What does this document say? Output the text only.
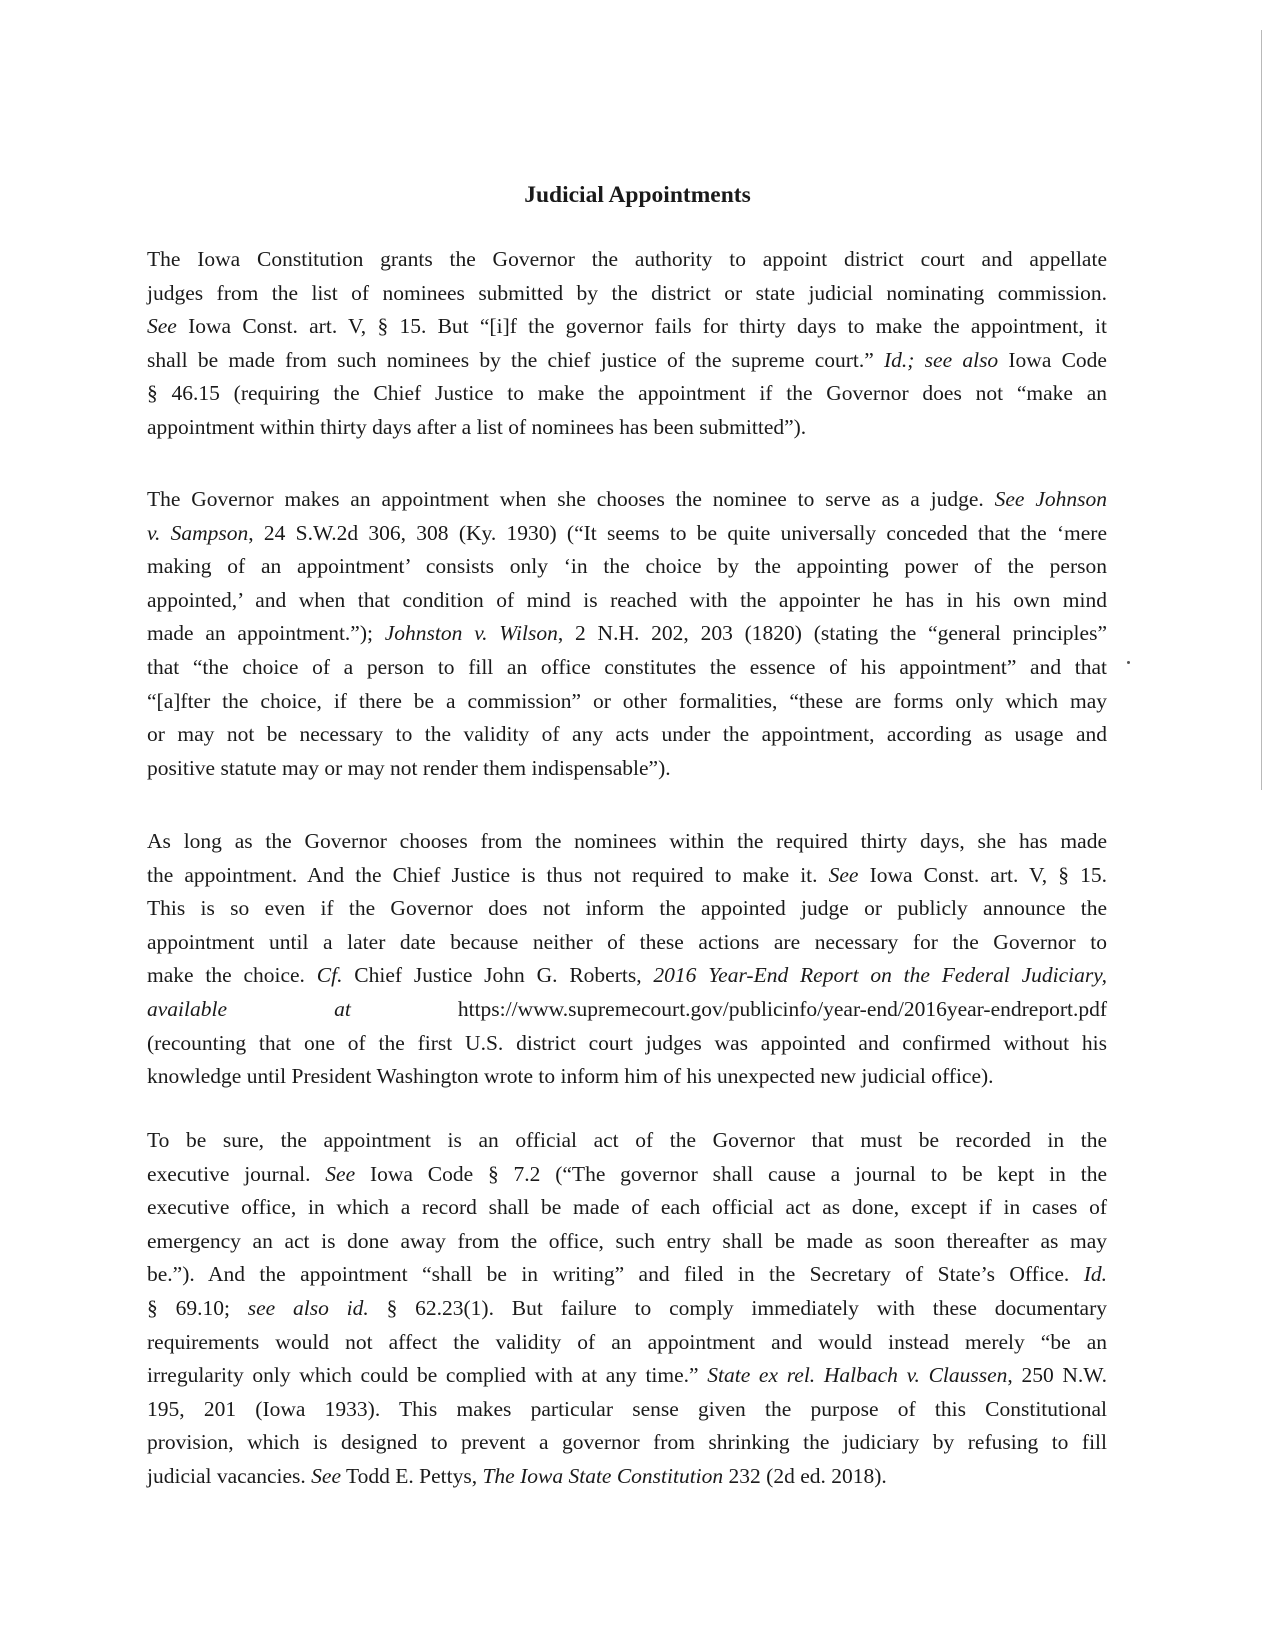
Judicial Appointments

The Iowa Constitution grants the Governor the authority to appoint district court and appellate
judges from the list of nominees submitted by the district or state judicial nominating commission.
See Iowa Const. art. V, § 15. But “[i]f the governor fails for thirty days to make the appointment, it
shall be made from such nominees by the chief justice of the supreme court.” Id.; see also Iowa Code
§ 46.15 (requiring the Chief Justice to make the appointment if the Governor does not “make an
appointment within thirty days after a list of nominees has been submitted”).

The Governor makes an appointment when she chooses the nominee to serve as a judge. See Johnson
v. Sampson, 24 S.W.2d 306, 308 (Ky. 1930) (“It seems to be quite universally conceded that the ‘mere
making of an appointment’ consists only ‘in the choice by the appointing power of the person
appointed,’ and when that condition of mind is reached with the appointer he has in his own mind
made an appointment.”); Johnston v. Wilson, 2 N.H. 202, 203 (1820) (stating the “general principles”
that “the choice of a person to fill an office constitutes the essence of his appointment” and that
“[a]fter the choice, if there be a commission” or other formalities, “these are forms only which may
or may not be necessary to the validity of any acts under the appointment, according as usage and
positive statute may or may not render them indispensable”).

As long as the Governor chooses from the nominees within the required thirty days, she has made
the appointment. And the Chief Justice is thus not required to make it. See Iowa Const. art. V, § 15.
This is so even if the Governor does not inform the appointed judge or publicly announce the
appointment until a later date because neither of these actions are necessary for the Governor to
make the choice. Cf. Chief Justice John G. Roberts, 2016 Year-End Report on the Federal Judiciary,
available at https://www.supremecourt.gov/publicinfo/year-end/2016year-endreport.pdf
(recounting that one of the first U.S. district court judges was appointed and confirmed without his
knowledge until President Washington wrote to inform him of his unexpected new judicial office).

To be sure, the appointment is an official act of the Governor that must be recorded in the
executive journal. See Iowa Code § 7.2 (“The governor shall cause a journal to be kept in the
executive office, in which a record shall be made of each official act as done, except if in cases of
emergency an act is done away from the office, such entry shall be made as soon thereafter as may
be.”). And the appointment “shall be in writing” and filed in the Secretary of State’s Office. Id.
§ 69.10; see also id. § 62.23(1). But failure to comply immediately with these documentary
requirements would not affect the validity of an appointment and would instead merely “be an
irregularity only which could be complied with at any time.” State ex rel. Halbach v. Claussen, 250 N.W.
195, 201 (Iowa 1933). This makes particular sense given the purpose of this Constitutional
provision, which is designed to prevent a governor from shrinking the judiciary by refusing to fill
judicial vacancies. See Todd E. Pettys, The Iowa State Constitution 232 (2d ed. 2018).
